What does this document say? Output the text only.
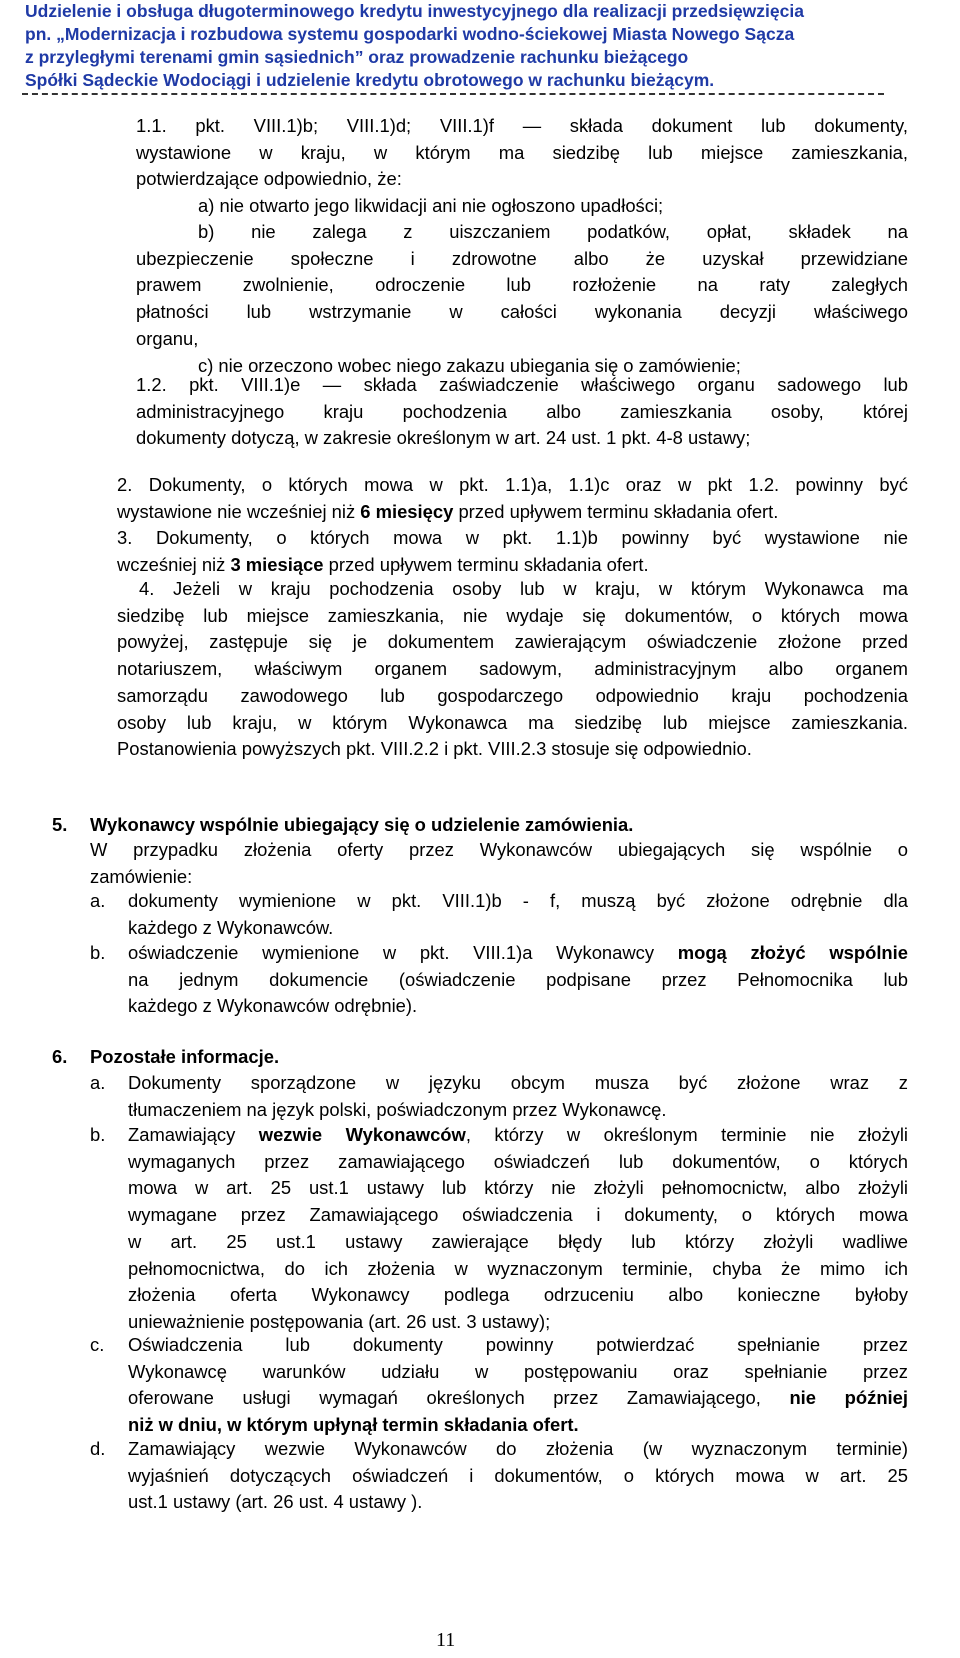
Udzielenie i obsługa długoterminowego kredytu inwestycyjnego dla realizacji przedsięwzięcia
pn. „Modernizacja i rozbudowa systemu gospodarki wodno-ściekowej Miasta Nowego Sącza
z przyległymi terenami gmin sąsiednich” oraz prowadzenie rachunku bieżącego
Spółki Sądeckie Wodociągi i udzielenie kredytu obrotowego w rachunku bieżącym.

1.1. pkt. VIII.1)b; VIII.1)d; VIII.1)f — składa dokument lub dokumenty,

wystawione w kraju, w którym ma siedzibę lub miejsce zamieszkania,

potwierdzające odpowiednio, że:

a) nie otwarto jego likwidacji ani nie ogłoszono upadłości;

b) nie zalega z uiszczaniem podatków, opłat, składek na

ubezpieczenie społeczne i zdrowotne albo że uzyskał przewidziane

prawem zwolnienie, odroczenie lub rozłożenie na raty zaległych

płatności lub wstrzymanie w całości wykonania decyzji właściwego

organu,

c) nie orzeczono wobec niego zakazu ubiegania się o zamówienie;

1.2. pkt. VIII.1)e — składa zaświadczenie właściwego organu sadowego lub

administracyjnego kraju pochodzenia albo zamieszkania osoby, której

dokumenty dotyczą, w zakresie określonym w art. 24 ust. 1 pkt. 4-8 ustawy;

2. Dokumenty, o których mowa w pkt. 1.1)a, 1.1)c oraz w pkt 1.2. powinny być

wystawione nie wcześniej niż 6 miesięcy przed upływem terminu składania ofert.

3. Dokumenty, o których mowa w pkt. 1.1)b powinny być wystawione nie

wcześniej niż 3 miesiące przed upływem terminu składania ofert.

4. Jeżeli w kraju pochodzenia osoby lub w kraju, w którym Wykonawca ma

siedzibę lub miejsce zamieszkania, nie wydaje się dokumentów, o których mowa

powyżej, zastępuje się je dokumentem zawierającym oświadczenie złożone przed

notariuszem, właściwym organem sadowym, administracyjnym albo organem

samorządu zawodowego lub gospodarczego odpowiednio kraju pochodzenia

osoby lub kraju, w którym Wykonawca ma siedzibę lub miejsce zamieszkania.

Postanowienia powyższych pkt. VIII.2.2 i pkt. VIII.2.3 stosuje się odpowiednio.

5. Wykonawcy wspólnie ubiegający się o udzielenie zamówienia.

W przypadku złożenia oferty przez Wykonawców ubiegających się wspólnie o

zamówienie:

a. dokumenty wymienione w pkt. VIII.1)b - f, muszą być złożone odrębnie dla

każdego z Wykonawców.

b. oświadczenie wymienione w pkt. VIII.1)a Wykonawcy mogą złożyć wspólnie

na jednym dokumencie (oświadczenie podpisane przez Pełnomocnika lub

każdego z Wykonawców odrębnie).

6. Pozostałe informacje.
a. Dokumenty sporządzone w języku obcym musza być złożone wraz z

tłumaczeniem na język polski, poświadczonym przez Wykonawcę.

b. Zamawiający wezwie Wykonawców, którzy w określonym terminie nie złożyli

wymaganych przez zamawiającego oświadczeń lub dokumentów, o których

mowa w art. 25 ust.1 ustawy lub którzy nie złożyli pełnomocnictw, albo złożyli

wymagane przez Zamawiającego oświadczenia i dokumenty, o których mowa

w art. 25 ust.1 ustawy zawierające błędy lub którzy złożyli wadliwe

pełnomocnictwa, do ich złożenia w wyznaczonym terminie, chyba że mimo ich

złożenia oferta Wykonawcy podlega odrzuceniu albo konieczne byłoby

unieważnienie postępowania (art. 26 ust. 3 ustawy);

c. Oświadczenia lub dokumenty powinny potwierdzać spełnianie przez

Wykonawcę warunków udziału w postępowaniu oraz spełnianie przez

oferowane usługi wymagań określonych przez Zamawiającego, nie później

niż w dniu, w którym upłynął termin składania ofert.

d. Zamawiający wezwie Wykonawców do złożenia (w wyznaczonym terminie)

wyjaśnień dotyczących oświadczeń i dokumentów, o których mowa w art. 25

ust.1 ustawy (art. 26 ust. 4 ustawy ).

11
